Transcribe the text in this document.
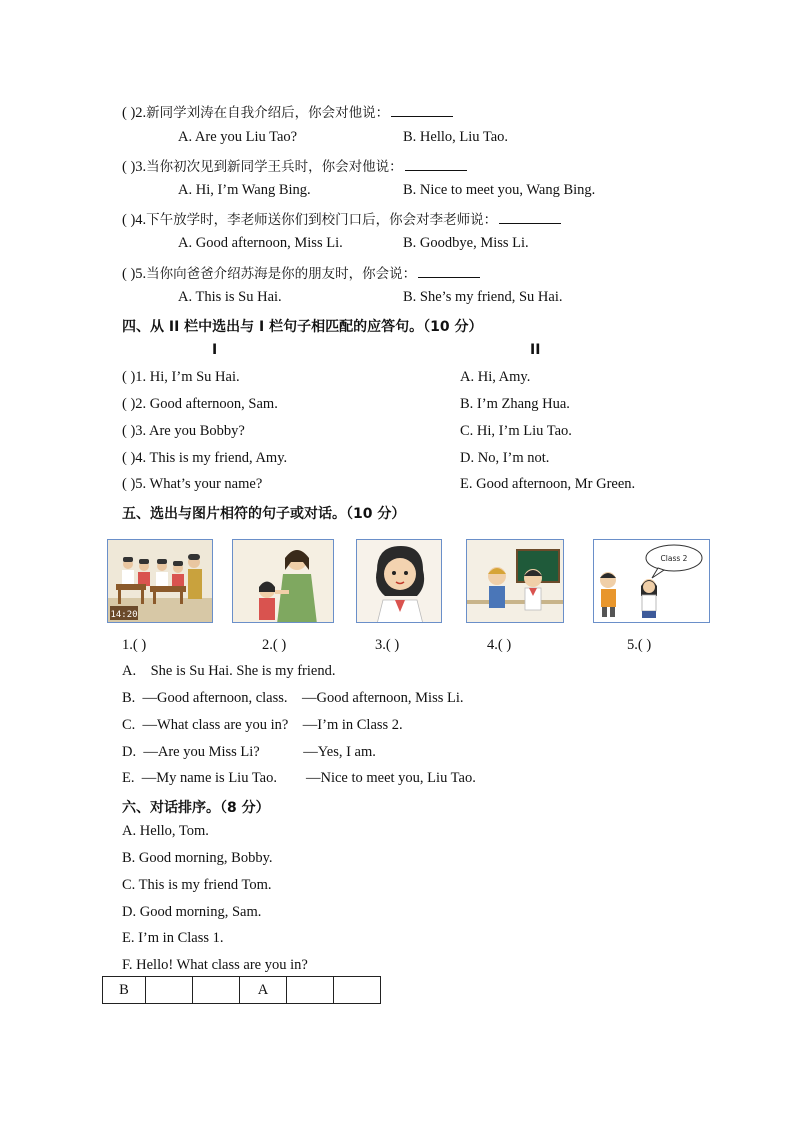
( )2.新同学刘涛在自我介绍后，你会对他说：
A. Are you Liu Tao?	B. Hello, Liu Tao.
( )3.当你初次见到新同学王兵时，你会对他说：
A. Hi, I’m Wang Bing.	B. Nice to meet you, Wang Bing.
( )4.下午放学时，李老师送你们到校门口后，你会对李老师说：
A. Good afternoon, Miss Li.	B. Goodbye, Miss Li.
( )5.当你向爸爸介绍苏海是你的朋友时，你会说：
A. This is Su Hai.	B. She’s my friend, Su Hai.
四、从 II 栏中选出与 I 栏句子相匹配的应答句。（10 分）
I	II
( )1. Hi, I’m Su Hai.
( )2. Good afternoon, Sam.
( )3. Are you Bobby?
( )4. This is my friend, Amy.
( )5. What’s your name?
A. Hi, Amy.
B. I’m Zhang Hua.
C. Hi, I’m Liu Tao.
D. No, I’m not.
E. Good afternoon, Mr Green.
五、选出与图片相符的句子或对话。（10 分）
14:20
Class 2
1.( )	2.( )	3.( )	4.( )	5.( )
A.    She is Su Hai. She is my friend.
B.  —Good afternoon, class.    —Good afternoon, Miss Li.
C.  —What class are you in?    —I’m in Class 2.
D.  —Are you Miss Li?            —Yes, I am.
E.  —My name is Liu Tao.        —Nice to meet you, Liu Tao.
六、对话排序。（8 分）
A. Hello, Tom.
B. Good morning, Bobby.
C. This is my friend Tom.
D. Good morning, Sam.
E. I’m in Class 1.
F. Hello! What class are you in?
B			A		
